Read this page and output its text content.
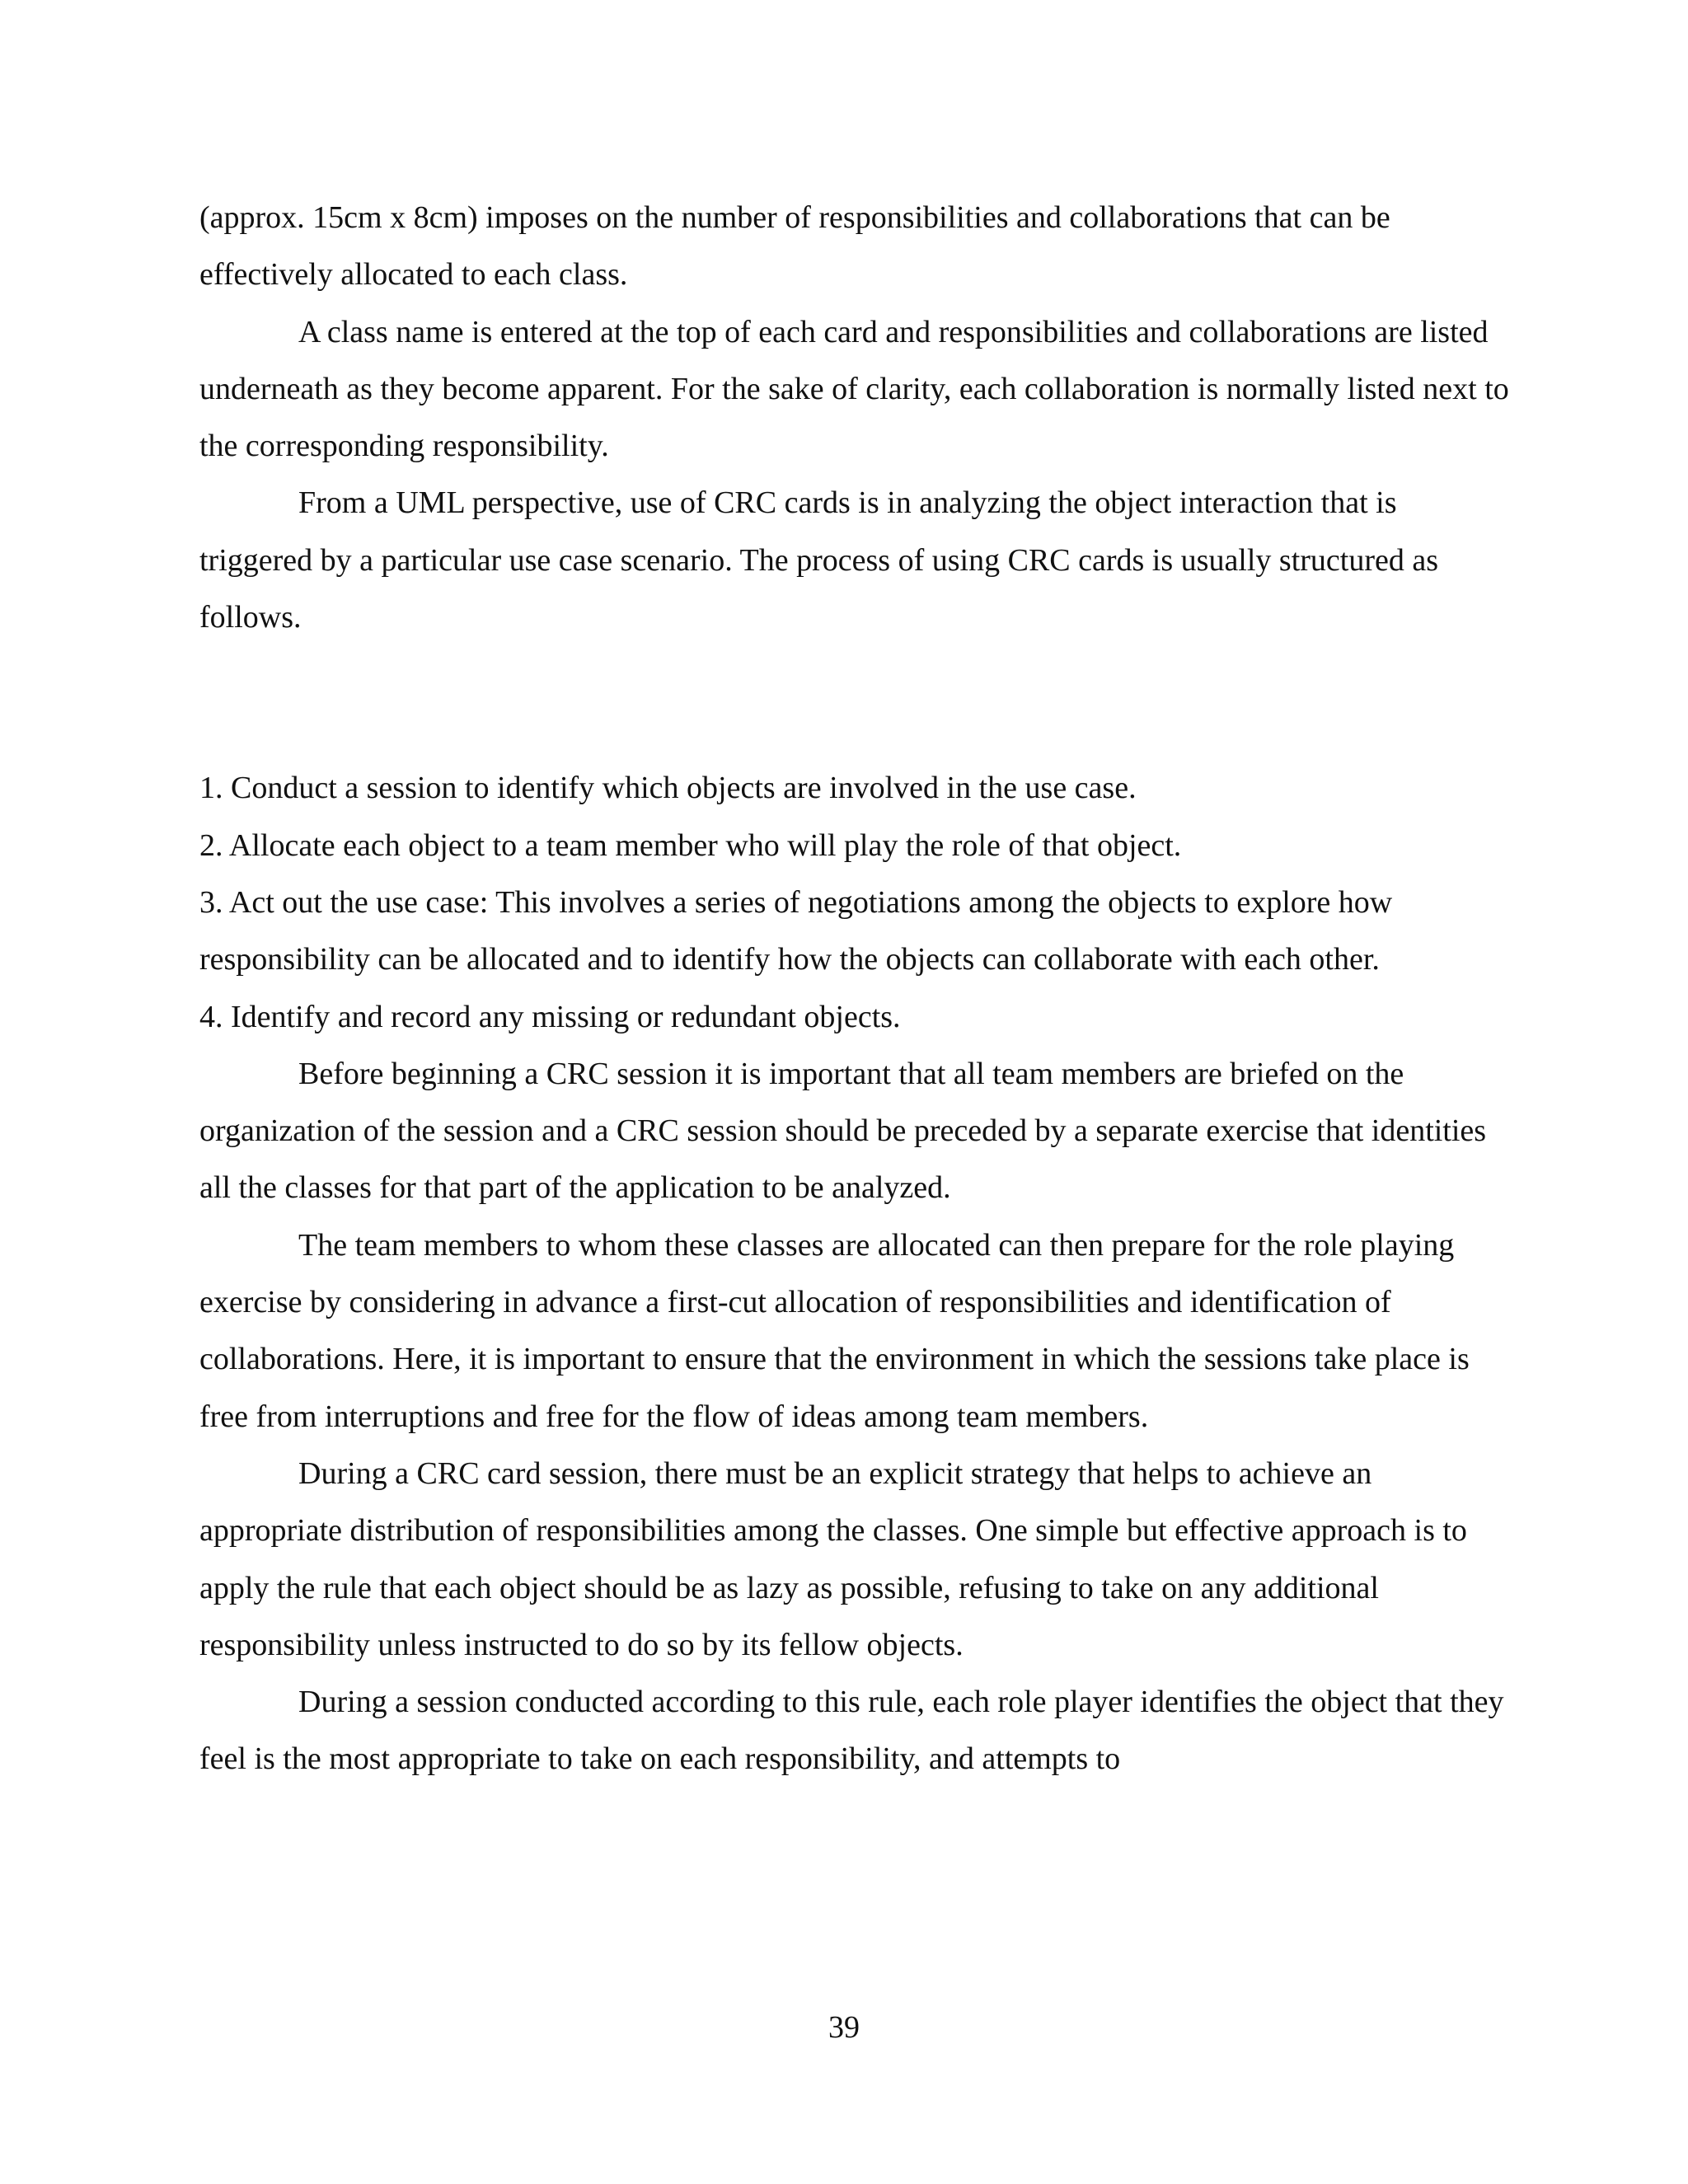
(approx. 15cm x 8cm) imposes on the number of responsibilities and collaborations that can be effectively allocated to each class.

A class name is entered at the top of each card and responsibilities and collaborations are listed underneath as they become apparent. For the sake of clarity, each collaboration is normally listed next to the corresponding responsibility.

From a UML perspective, use of CRC cards is in analyzing the object interaction that is triggered by a particular use case scenario. The process of using CRC cards is usually structured as follows.

1. Conduct a session to identify which objects are involved in the use case.

2. Allocate each object to a team member who will play the role of that object.

3. Act out the use case: This involves a series of negotiations among the objects to explore how responsibility can be allocated and to identify how the objects can collaborate with each other.

4. Identify and record any missing or redundant objects.

Before beginning a CRC session it is important that all team members are briefed on the organization of the session and a CRC session should be preceded by a separate exercise that identities all the classes for that part of the application to be analyzed.

The team members to whom these classes are allocated can then prepare for the role playing exercise by considering in advance a first-cut allocation of responsibilities and identification of collaborations. Here, it is important to ensure that the environment in which the sessions take place is free from interruptions and free for the flow of ideas among team members.

During a CRC card session, there must be an explicit strategy that helps to achieve an appropriate distribution of responsibilities among the classes. One simple but effective approach is to apply the rule that each object should be as lazy as possible, refusing to take on any additional responsibility unless instructed to do so by its fellow objects.

During a session conducted according to this rule, each role player identifies the object that they feel is the most appropriate to take on each responsibility, and attempts to

39
